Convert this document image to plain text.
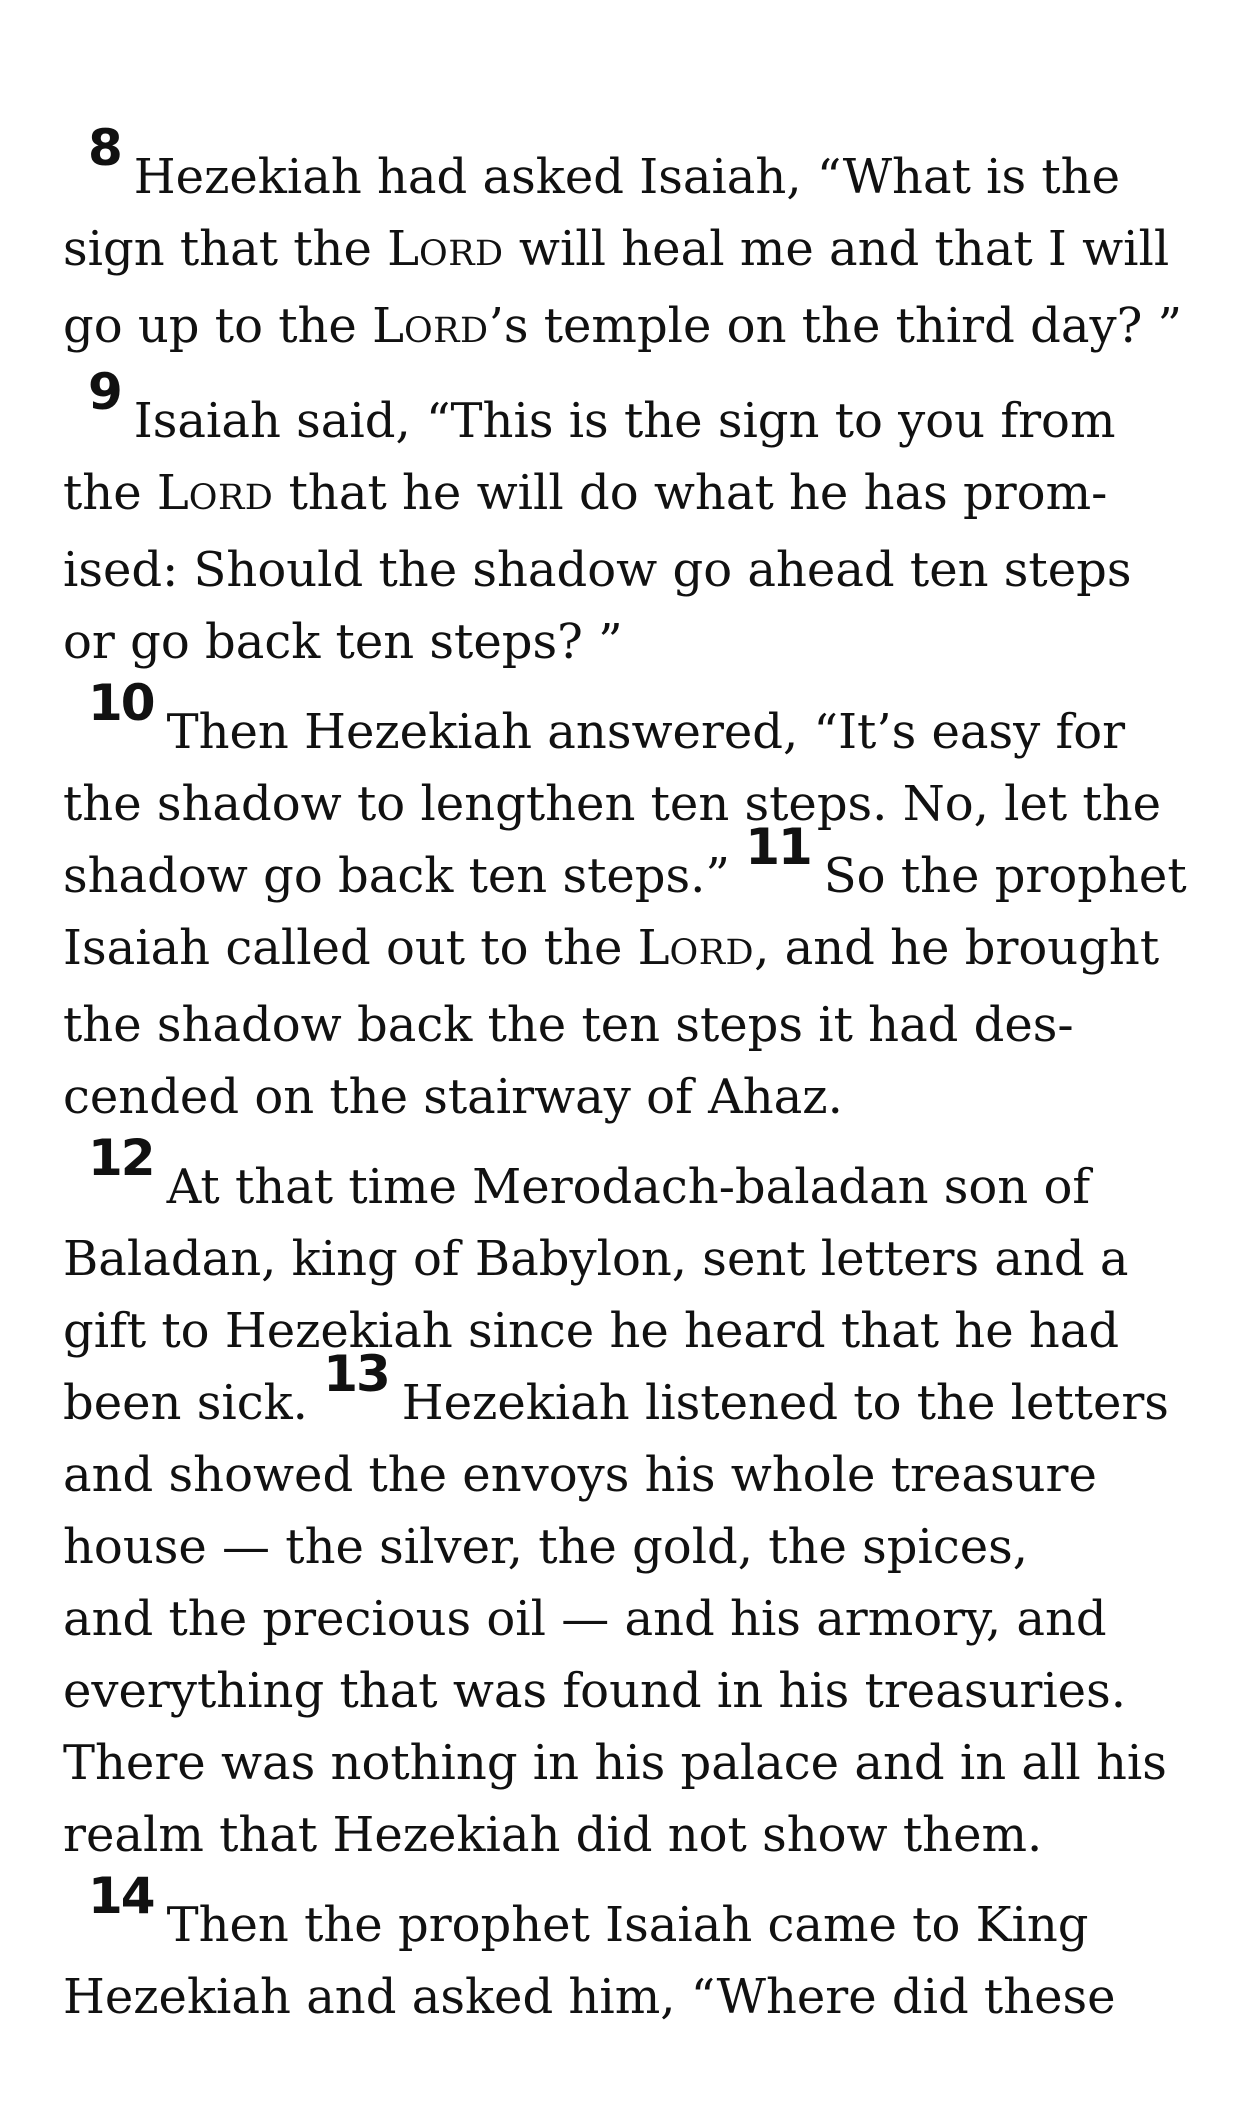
8 Hezekiah had asked Isaiah, “What is the
sign that the LORD will heal me and that I will
go up to the LORD’s temple on the third day? ”
9 Isaiah said, “This is the sign to you from
the LORD that he will do what he has prom-
ised: Should the shadow go ahead ten steps
or go back ten steps? ”
10 Then Hezekiah answered, “It’s easy for
the shadow to lengthen ten steps. No, let the
shadow go back ten steps.” 11 So the prophet
Isaiah called out to the LORD, and he brought
the shadow back the ten steps it had des-
cended on the stairway of Ahaz.
12 At that time Merodach-baladan son of
Baladan, king of Babylon, sent letters and a
gift to Hezekiah since he heard that he had
been sick. 13 Hezekiah listened to the letters
and showed the envoys his whole treasure
house — the silver, the gold, the spices,
and the precious oil — and his armory, and
everything that was found in his treasuries.
There was nothing in his palace and in all his
realm that Hezekiah did not show them.
14 Then the prophet Isaiah came to King
Hezekiah and asked him, “Where did these
